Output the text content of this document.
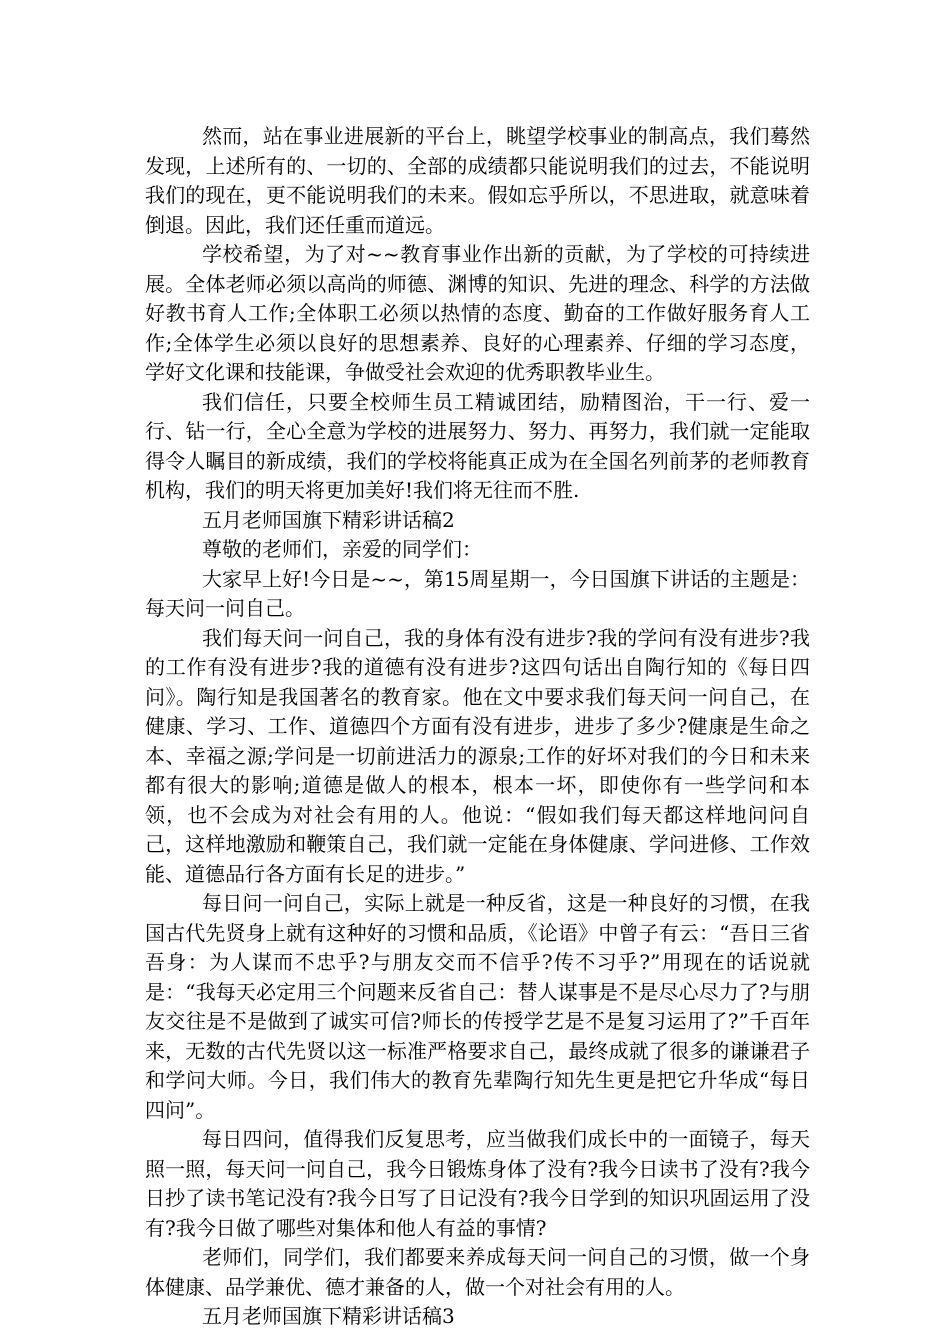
然而，站在事业进展新的平台上，眺望学校事业的制高点，我们蓦然发现，上述所有的、一切的、全部的成绩都只能说明我们的过去，不能说明我们的现在，更不能说明我们的未来。假如忘乎所以，不思进取，就意味着倒退。因此，我们还任重而道远。

学校希望，为了对~~教育事业作出新的贡献，为了学校的可持续进展。全体老师必须以高尚的师德、渊博的知识、先进的理念、科学的方法做好教书育人工作;全体职工必须以热情的态度、勤奋的工作做好服务育人工作;全体学生必须以良好的思想素养、良好的心理素养、仔细的学习态度，学好文化课和技能课，争做受社会欢迎的优秀职教毕业生。

我们信任，只要全校师生员工精诚团结，励精图治，干一行、爱一行、钻一行，全心全意为学校的进展努力、努力、再努力，我们就一定能取得令人瞩目的新成绩，我们的学校将能真正成为在全国名列前茅的老师教育机构，我们的明天将更加美好!我们将无往而不胜.

五月老师国旗下精彩讲话稿2

尊敬的老师们，亲爱的同学们：

大家早上好!今日是~~，第15周星期一，今日国旗下讲话的主题是：每天问一问自己。

我们每天问一问自己，我的身体有没有进步?我的学问有没有进步?我的工作有没有进步?我的道德有没有进步?这四句话出自陶行知的《每日四问》。陶行知是我国著名的教育家。他在文中要求我们每天问一问自己，在健康、学习、工作、道德四个方面有没有进步，进步了多少?健康是生命之本、幸福之源;学问是一切前进活力的源泉;工作的好坏对我们的今日和未来都有很大的影响;道德是做人的根本，根本一坏，即使你有一些学问和本领，也不会成为对社会有用的人。他说：“假如我们每天都这样地问问自己，这样地激励和鞭策自己，我们就一定能在身体健康、学问进修、工作效能、道德品行各方面有长足的进步。”

每日问一问自己，实际上就是一种反省，这是一种良好的习惯，在我国古代先贤身上就有这种好的习惯和品质，《论语》中曾子有云：“吾日三省吾身：为人谋而不忠乎?与朋友交而不信乎?传不习乎?”用现在的话说就是：“我每天必定用三个问题来反省自己：替人谋事是不是尽心尽力了?与朋友交往是不是做到了诚实可信?师长的传授学艺是不是复习运用了?”千百年来，无数的古代先贤以这一标准严格要求自己，最终成就了很多的谦谦君子和学问大师。今日，我们伟大的教育先辈陶行知先生更是把它升华成“每日四问”。

每日四问，值得我们反复思考，应当做我们成长中的一面镜子，每天照一照，每天问一问自己，我今日锻炼身体了没有?我今日读书了没有?我今日抄了读书笔记没有?我今日写了日记没有?我今日学到的知识巩固运用了没有?我今日做了哪些对集体和他人有益的事情?

老师们，同学们，我们都要来养成每天问一问自己的习惯，做一个身体健康、品学兼优、德才兼备的人，做一个对社会有用的人。

五月老师国旗下精彩讲话稿3
